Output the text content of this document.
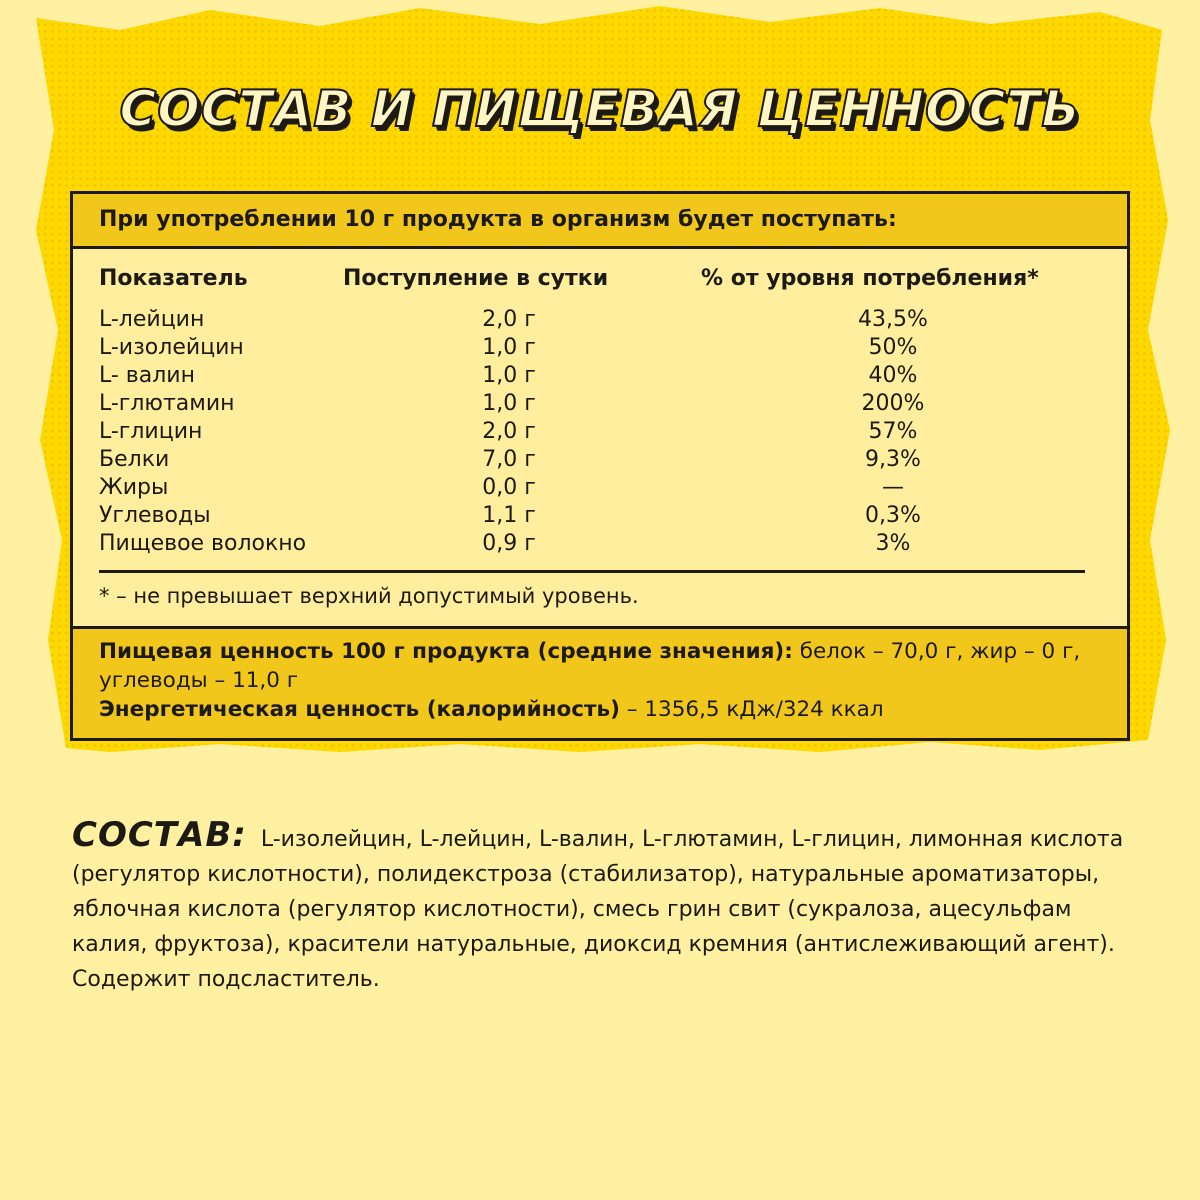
СОСТАВ И ПИЩЕВАЯ ЦЕННОСТЬ
При употреблении 10 г продукта в организм будет поступать:
Показатель	Поступление в сутки	% от уровня потребления*
L-лейцин	2,0 г	43,5%
L-изолейцин	1,0 г	50%
L- валин	1,0 г	40%
L-глютамин	1,0 г	200%
L-глицин	2,0 г	57%
Белки	7,0 г	9,3%
Жиры	0,0 г	—
Углеводы	1,1 г	0,3%
Пищевое волокно	0,9 г	3%
* – не превышает верхний допустимый уровень.
Пищевая ценность 100 г продукта (средние значения): белок – 70,0 г, жир – 0 г, углеводы – 11,0 г
Энергетическая ценность (калорийность) – 1356,5 кДж/324 ккал
СОСТАВ: L-изолейцин, L-лейцин, L-валин, L-глютамин, L-глицин, лимонная кислота (регулятор кислотности), полидекстроза (стабилизатор), натуральные ароматизаторы, яблочная кислота (регулятор кислотности), смесь грин свит (сукралоза, ацесульфам калия, фруктоза), красители натуральные, диоксид кремния (антислеживающий агент). Содержит подсластитель.
